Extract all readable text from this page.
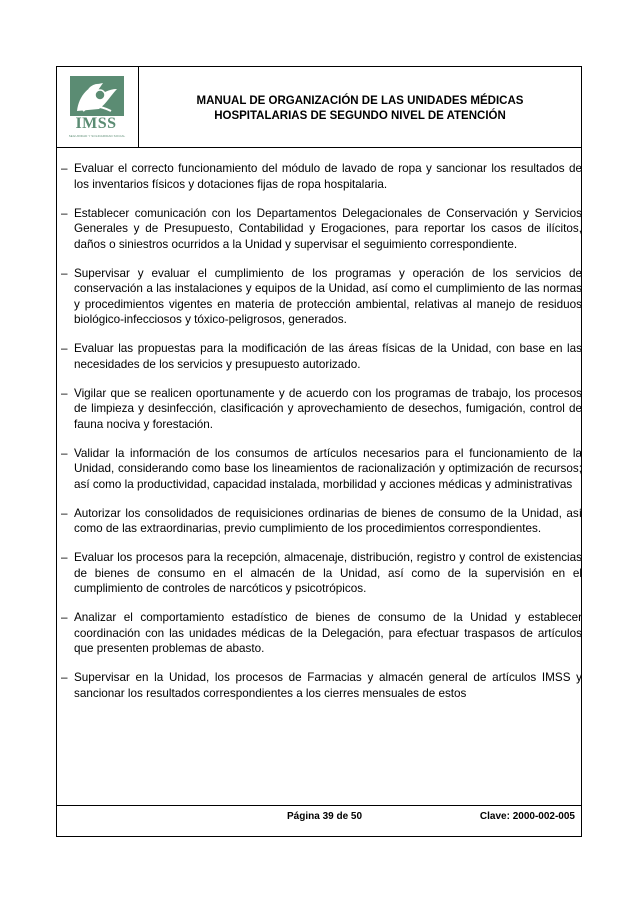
IMSS
SEGURIDAD Y SOLIDARIDAD SOCIAL
MANUAL DE ORGANIZACIÓN DE LAS UNIDADES MÉDICAS
HOSPITALARIAS DE SEGUNDO NIVEL DE ATENCIÓN
– Evaluar el correcto funcionamiento del módulo de lavado de ropa y sancionar los resultados de los inventarios físicos y dotaciones fijas de ropa hospitalaria.
– Establecer comunicación con los Departamentos Delegacionales de Conservación y Servicios Generales y de Presupuesto, Contabilidad y Erogaciones, para reportar los casos de ilícitos, daños o siniestros ocurridos a la Unidad y supervisar el seguimiento correspondiente.
– Supervisar y evaluar el cumplimiento de los programas y operación de los servicios de conservación a las instalaciones y equipos de la Unidad, así como el cumplimiento de las normas y procedimientos vigentes en materia de protección ambiental, relativas al manejo de residuos biológico-infecciosos y tóxico-peligrosos, generados.
– Evaluar las propuestas para la modificación de las áreas físicas de la Unidad, con base en las necesidades de los servicios y presupuesto autorizado.
– Vigilar que se realicen oportunamente y de acuerdo con los programas de trabajo, los procesos de limpieza y desinfección, clasificación y aprovechamiento de desechos, fumigación, control de fauna nociva y forestación.
– Validar la información de los consumos de artículos necesarios para el funcionamiento de la Unidad, considerando como base los lineamientos de racionalización y optimización de recursos; así como la productividad, capacidad instalada, morbilidad y acciones médicas y administrativas
– Autorizar los consolidados de requisiciones ordinarias de bienes de consumo de la Unidad, así como de las extraordinarias, previo cumplimiento de los procedimientos correspondientes.
– Evaluar los procesos para la recepción, almacenaje, distribución, registro y control de existencias de bienes de consumo en el almacén de la Unidad, así como de la supervisión en el cumplimiento de controles de narcóticos y psicotrópicos.
– Analizar el comportamiento estadístico de bienes de consumo de la Unidad y establecer coordinación con las unidades médicas de la Delegación, para efectuar traspasos de artículos que presenten problemas de abasto.
– Supervisar en la Unidad, los procesos de Farmacias y almacén general de artículos IMSS y sancionar los resultados correspondientes a los cierres mensuales de estos
Página 39 de 50	Clave: 2000-002-005
